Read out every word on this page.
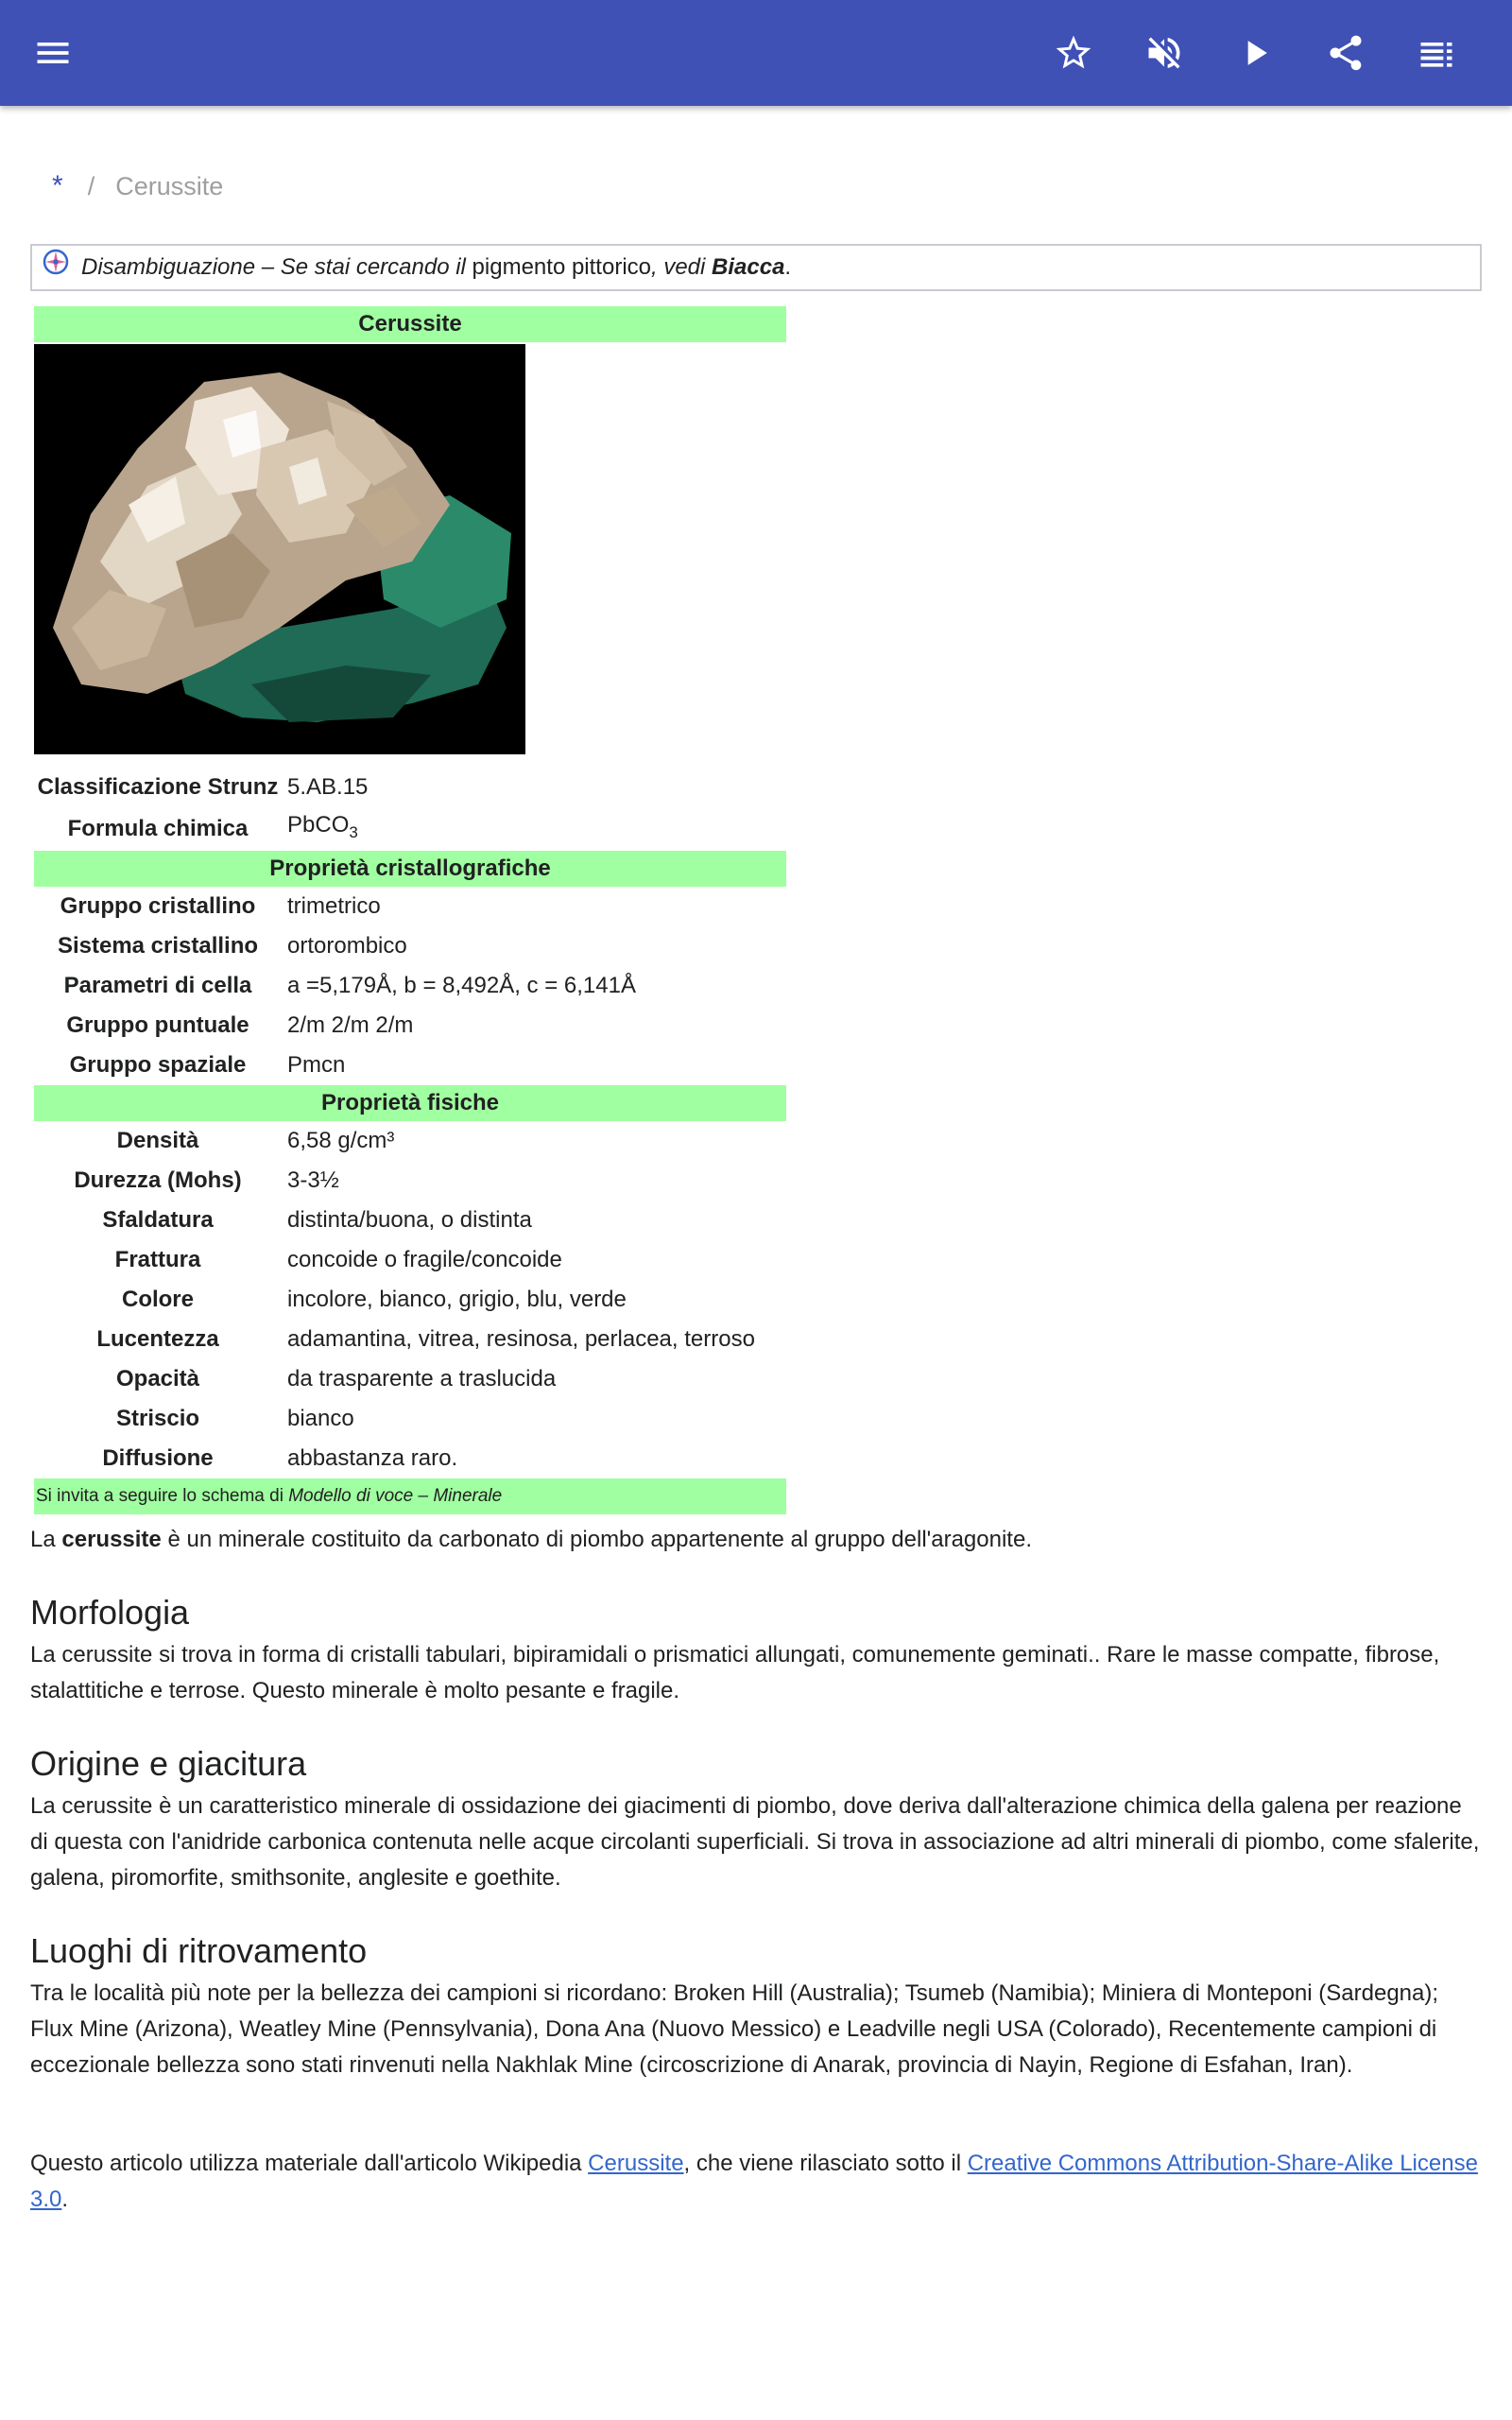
* / Cerussite
Disambiguazione – Se stai cercando il pigmento pittorico , vedi Biacca .
Cerussite	

Classificazione Strunz	5.AB.15
Formula chimica	PbCO$_3$
Proprietà cristallografiche	
Gruppo cristallino	trimetrico
Sistema cristallino	ortorombico
Parametri di cella	a =5,179Å, b = 8,492Å, c = 6,141Å
Gruppo puntuale	2/m 2/m 2/m
Gruppo spaziale	Pmcn
Proprietà fisiche	
Densità	6,58 g/cm³
Durezza (Mohs)	3-3½
Sfaldatura	distinta/buona, o distinta
Frattura	concoide o fragile/concoide
Colore	incolore, bianco, grigio, blu, verde
Lucentezza	adamantina, vitrea, resinosa, perlacea, terroso
Opacità	da trasparente a traslucida
Striscio	bianco
Diffusione	abbastanza raro.
Si invita a seguire lo schema di Modello di voce – Minerale	

La cerussite è un minerale costituito da carbonato di piombo appartenente al gruppo dell'aragonite.

Morfologia

La cerussite si trova in forma di cristalli tabulari, bipiramidali o prismatici allungati, comunemente geminati.. Rare le masse compatte, fibrose, stalattitiche e terrose. Questo minerale è molto pesante e fragile.

Origine e giacitura

La cerussite è un caratteristico minerale di ossidazione dei giacimenti di piombo, dove deriva dall'alterazione chimica della galena per reazione di questa con l'anidride carbonica contenuta nelle acque circolanti superficiali. Si trova in associazione ad altri minerali di piombo, come sfalerite, galena, piromorfite, smithsonite, anglesite e goethite.

Luoghi di ritrovamento

Tra le località più note per la bellezza dei campioni si ricordano: Broken Hill (Australia); Tsumeb (Namibia); Miniera di Monteponi (Sardegna); Flux Mine (Arizona), Weatley Mine (Pennsylvania), Dona Ana (Nuovo Messico) e Leadville negli USA (Colorado), Recentemente campioni di eccezionale bellezza sono stati rinvenuti nella Nakhlak Mine (circoscrizione di Anarak, provincia di Nayin, Regione di Esfahan, Iran).

Questo articolo utilizza materiale dall'articolo Wikipedia Cerussite, che viene rilasciato sotto il Creative Commons Attribution-Share-Alike License 3.0.
